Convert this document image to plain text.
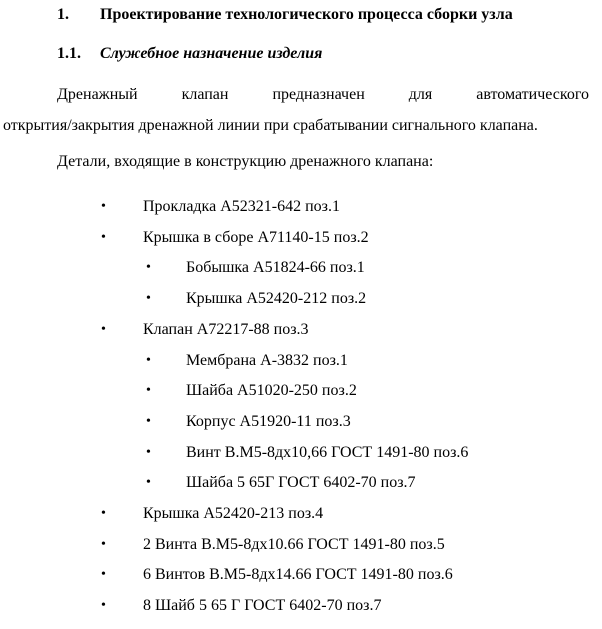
1. Проектирование технологического процесса сборки узла
1.1. Служебное назначение изделия
Дренажный	клапан	предназначен	для	автоматического
открытия/закрытия дренажной линии при срабатывании сигнального клапана.
Детали, входящие в конструкцию дренажного клапана:
• Прокладка А52321-642 поз.1
• Крышка в сборе А71140-15 поз.2
• Бобышка А51824-66 поз.1
• Крышка А52420-212 поз.2
• Клапан А72217-88 поз.3
• Мембрана А-3832 поз.1
• Шайба А51020-250 поз.2
• Корпус А51920-11 поз.3
• Винт В.М5-8дх10,66 ГОСТ 1491-80 поз.6
• Шайба 5 65Г ГОСТ 6402-70 поз.7
• Крышка А52420-213 поз.4
• 2 Винта В.М5-8дх10.66 ГОСТ 1491-80 поз.5
• 6 Винтов В.М5-8дх14.66 ГОСТ 1491-80 поз.6
• 8 Шайб 5 65 Г ГОСТ 6402-70 поз.7
